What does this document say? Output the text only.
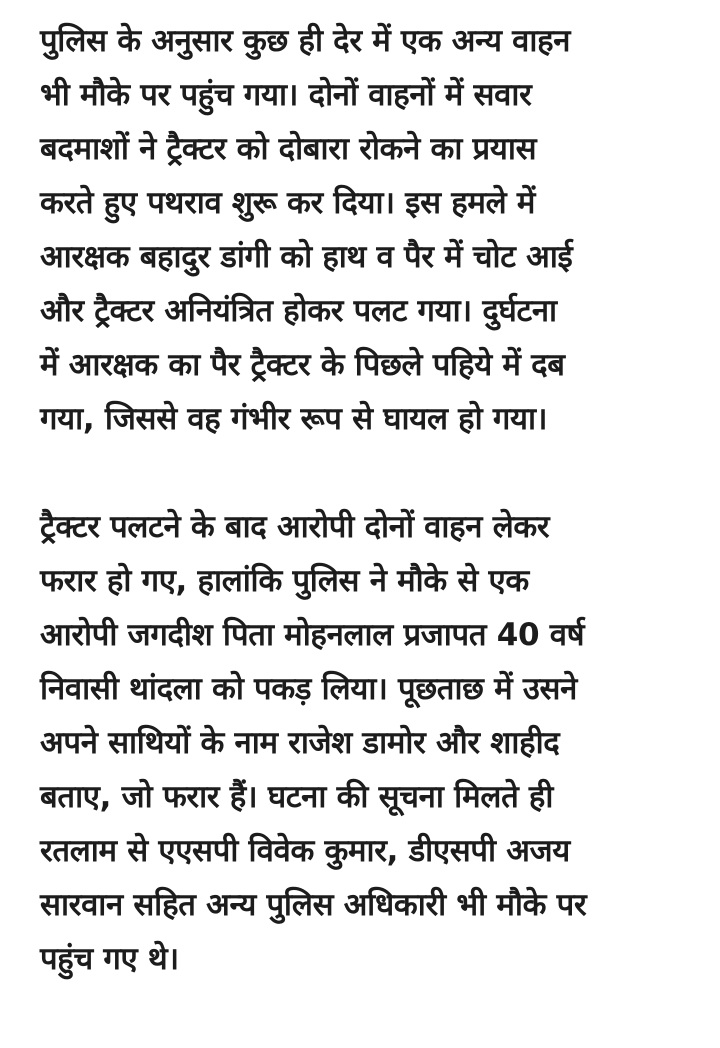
पुलिस के अनुसार कुछ ही देर में एक अन्य वाहन
भी मौके पर पहुंच गया। दोनों वाहनों में सवार
बदमाशों ने ट्रैक्टर को दोबारा रोकने का प्रयास
करते हुए पथराव शुरू कर दिया। इस हमले में
आरक्षक बहादुर डांगी को हाथ व पैर में चोट आई
और ट्रैक्टर अनियंत्रित होकर पलट गया। दुर्घटना
में आरक्षक का पैर ट्रैक्टर के पिछले पहिये में दब
गया, जिससे वह गंभीर रूप से घायल हो गया।
ट्रैक्टर पलटने के बाद आरोपी दोनों वाहन लेकर
फरार हो गए, हालांकि पुलिस ने मौके से एक
आरोपी जगदीश पिता मोहनलाल प्रजापत 40 वर्ष
निवासी थांदला को पकड़ लिया। पूछताछ में उसने
अपने साथियों के नाम राजेश डामोर और शाहीद
बताए, जो फरार हैं। घटना की सूचना मिलते ही
रतलाम से एएसपी विवेक कुमार, डीएसपी अजय
सारवान सहित अन्य पुलिस अधिकारी भी मौके पर
पहुंच गए थे।
